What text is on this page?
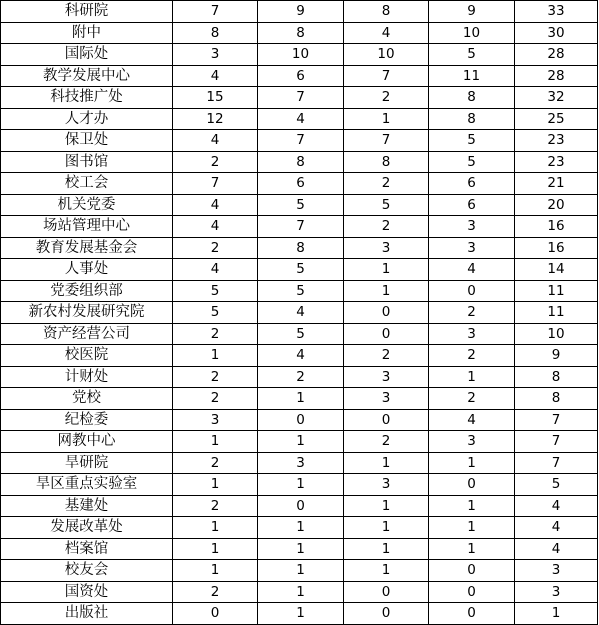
科研院	7	9	8	9	33
附中	8	8	4	10	30
国际处	3	10	10	5	28
教学发展中心	4	6	7	11	28
科技推广处	15	7	2	8	32
人才办	12	4	1	8	25
保卫处	4	7	7	5	23
图书馆	2	8	8	5	23
校工会	7	6	2	6	21
机关党委	4	5	5	6	20
场站管理中心	4	7	2	3	16
教育发展基金会	2	8	3	3	16
人事处	4	5	1	4	14
党委组织部	5	5	1	0	11
新农村发展研究院	5	4	0	2	11
资产经营公司	2	5	0	3	10
校医院	1	4	2	2	9
计财处	2	2	3	1	8
党校	2	1	3	2	8
纪检委	3	0	0	4	7
网教中心	1	1	2	3	7
旱研院	2	3	1	1	7
旱区重点实验室	1	1	3	0	5
基建处	2	0	1	1	4
发展改革处	1	1	1	1	4
档案馆	1	1	1	1	4
校友会	1	1	1	0	3
国资处	2	1	0	0	3
出版社	0	1	0	0	1
